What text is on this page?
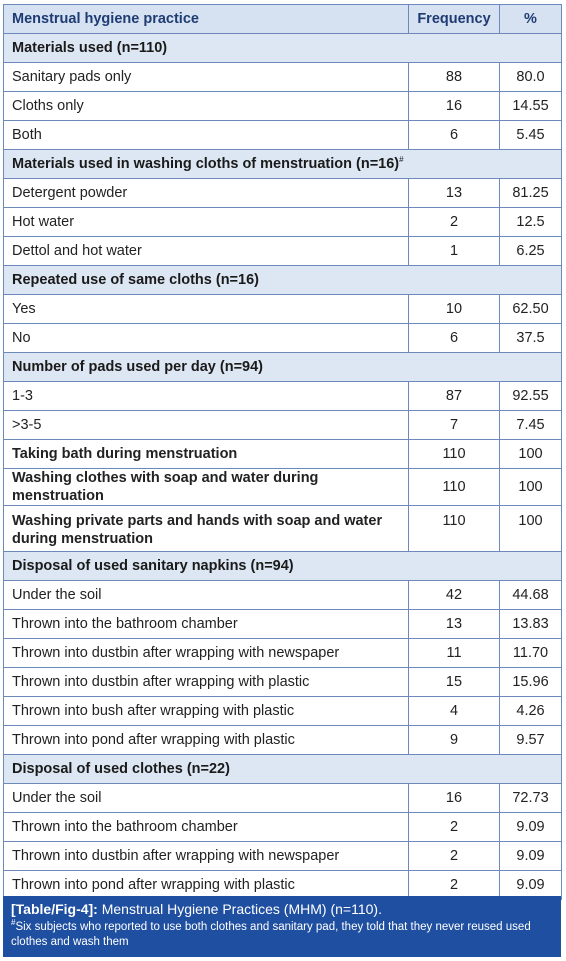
Menstrual hygiene practice	Frequency	%
Materials used (n=110)		
Sanitary pads only	88	80.0
Cloths only	16	14.55
Both	6	5.45
Materials used in washing cloths of menstruation (n=16)#
Detergent powder	13	81.25
Hot water	2	12.5
Dettol and hot water	1	6.25
Repeated use of same cloths (n=16)		
Yes	10	62.50
No	6	37.5
Number of pads used per day (n=94)		
1-3	87	92.55
>3-5	7	7.45
Taking bath during menstruation	110	100
Washing clothes with soap and water during menstruation	110	100
Washing private parts and hands with soap and water during menstruation	110	100
Disposal of used sanitary napkins (n=94)		
Under the soil	42	44.68
Thrown into the bathroom chamber	13	13.83
Thrown into dustbin after wrapping with newspaper	11	11.70
Thrown into dustbin after wrapping with plastic	15	15.96
Thrown into bush after wrapping with plastic	4	4.26
Thrown into pond after wrapping with plastic	9	9.57
Disposal of used clothes (n=22)		
Under the soil	16	72.73
Thrown into the bathroom chamber	2	9.09
Thrown into dustbin after wrapping with newspaper	2	9.09
Thrown into pond after wrapping with plastic	2	9.09
[Table/Fig-4]: Menstrual Hygiene Practices (MHM) (n=110).
#Six subjects who reported to use both clothes and sanitary pad, they told that they never reused used clothes and wash them
